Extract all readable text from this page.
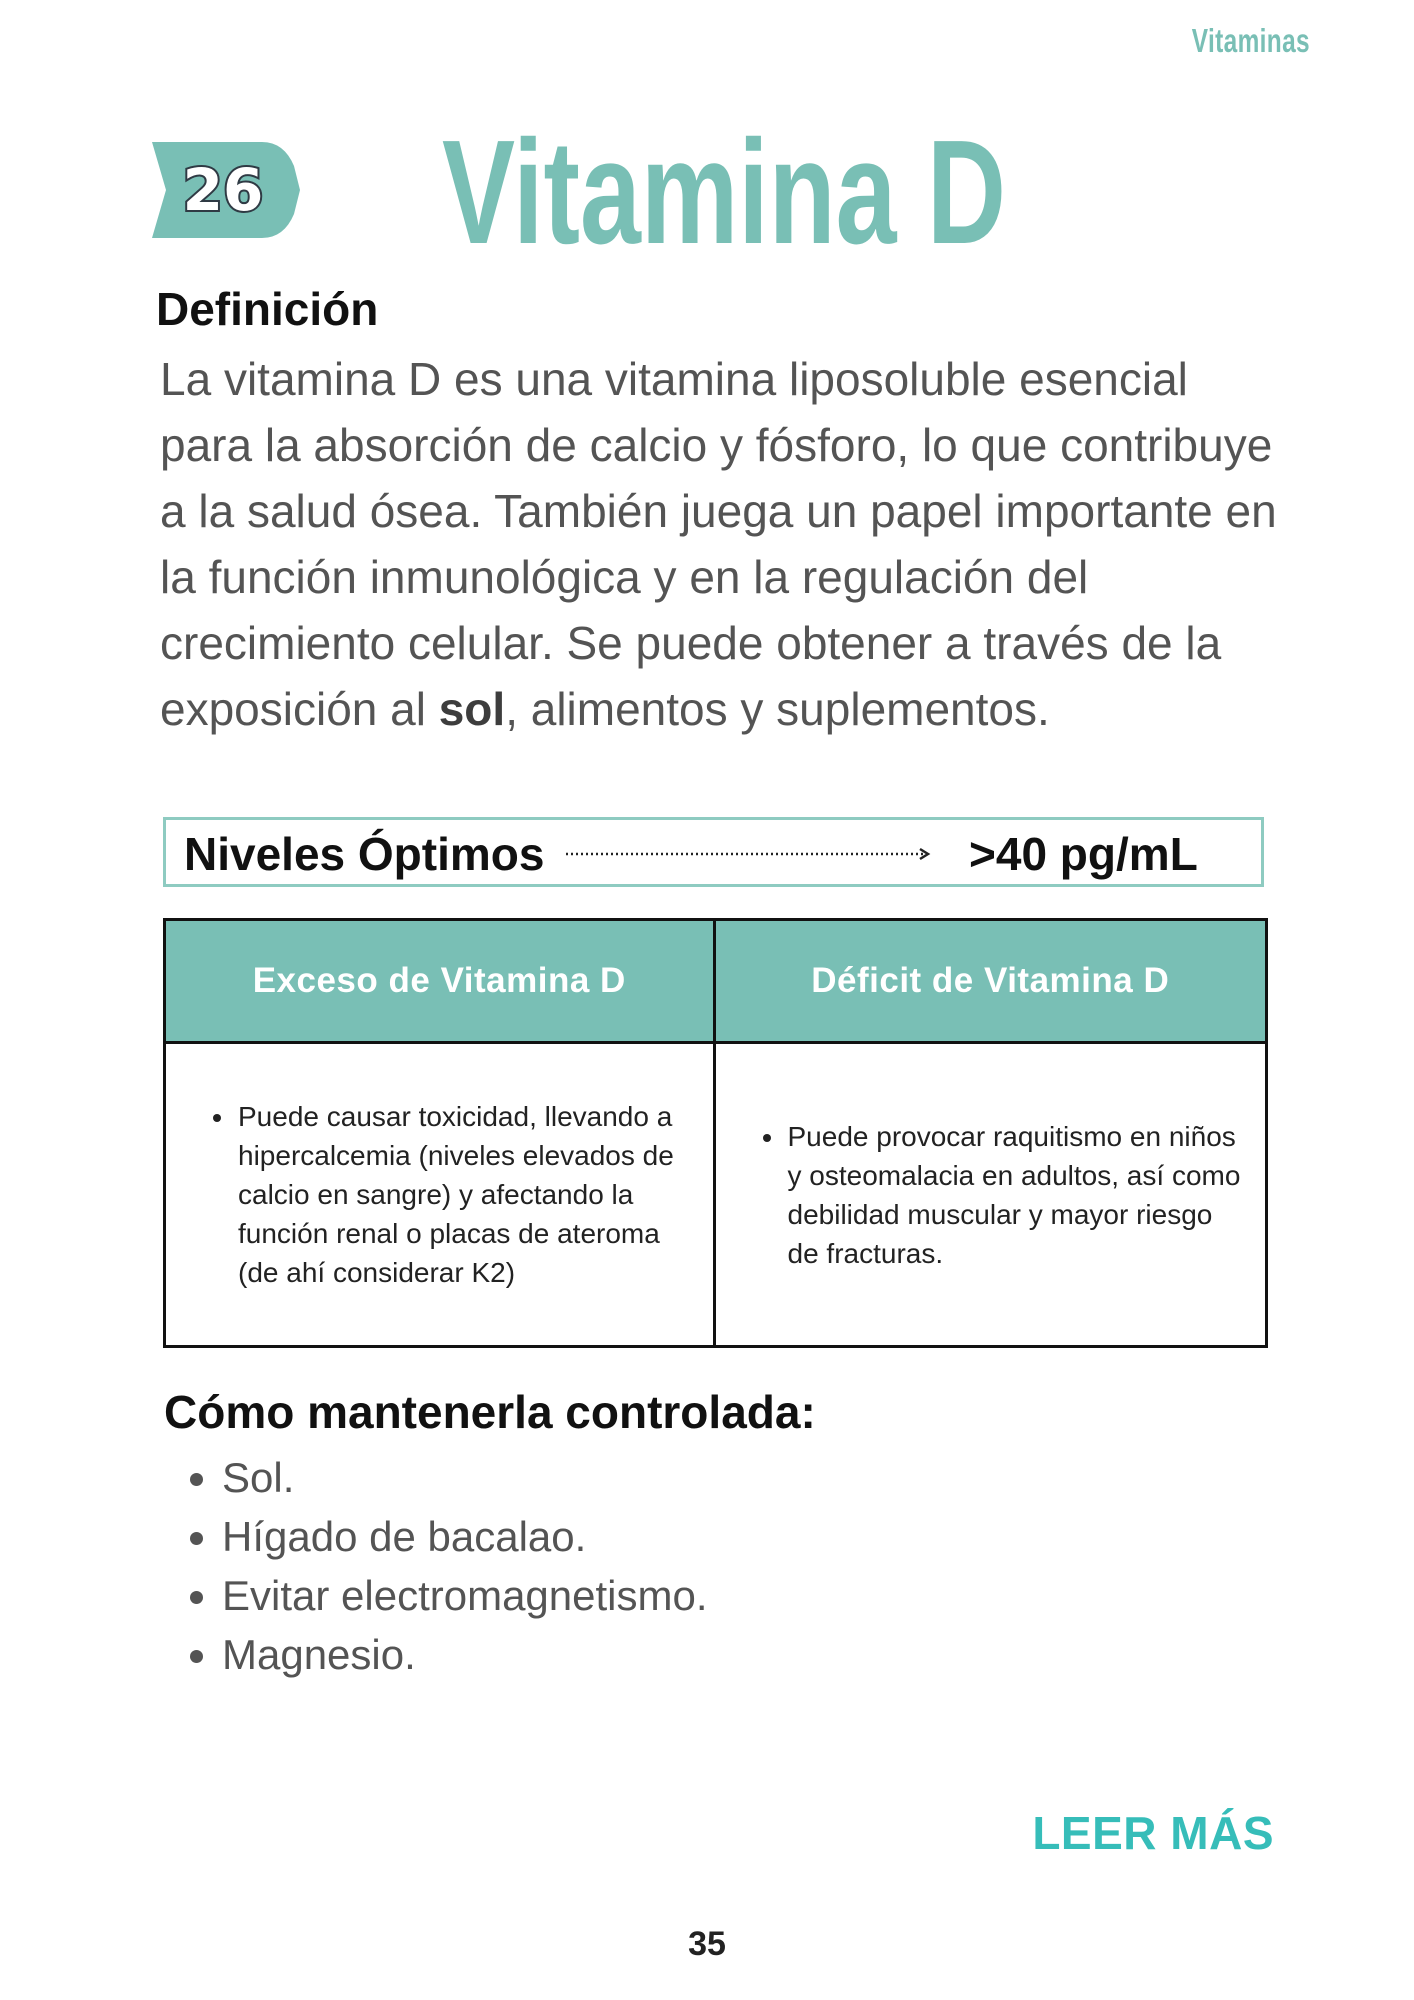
Vitaminas
26 Vitamina D
Definición

La vitamina D es una vitamina liposoluble esencial para la absorción de calcio y fósforo, lo que contribuye a la salud ósea. También juega un papel importante en la función inmunológica y en la regulación del crecimiento celular. Se puede obtener a través de la exposición al sol, alimentos y suplementos.

Niveles Óptimos	>40 pg/mL
Exceso de Vitamina D	Déficit de Vitamina D
• Puede causar toxicidad, llevando a hipercalcemia (niveles elevados de calcio en sangre) y afectando la función renal o placas de ateroma (de ahí considerar K2)
• Puede provocar raquitismo en niños y osteomalacia en adultos, así como debilidad muscular y mayor riesgo de fracturas.
Cómo mantenerla controlada:
• Sol.
• Hígado de bacalao.
• Evitar electromagnetismo.
• Magnesio.
LEER MÁS
35
